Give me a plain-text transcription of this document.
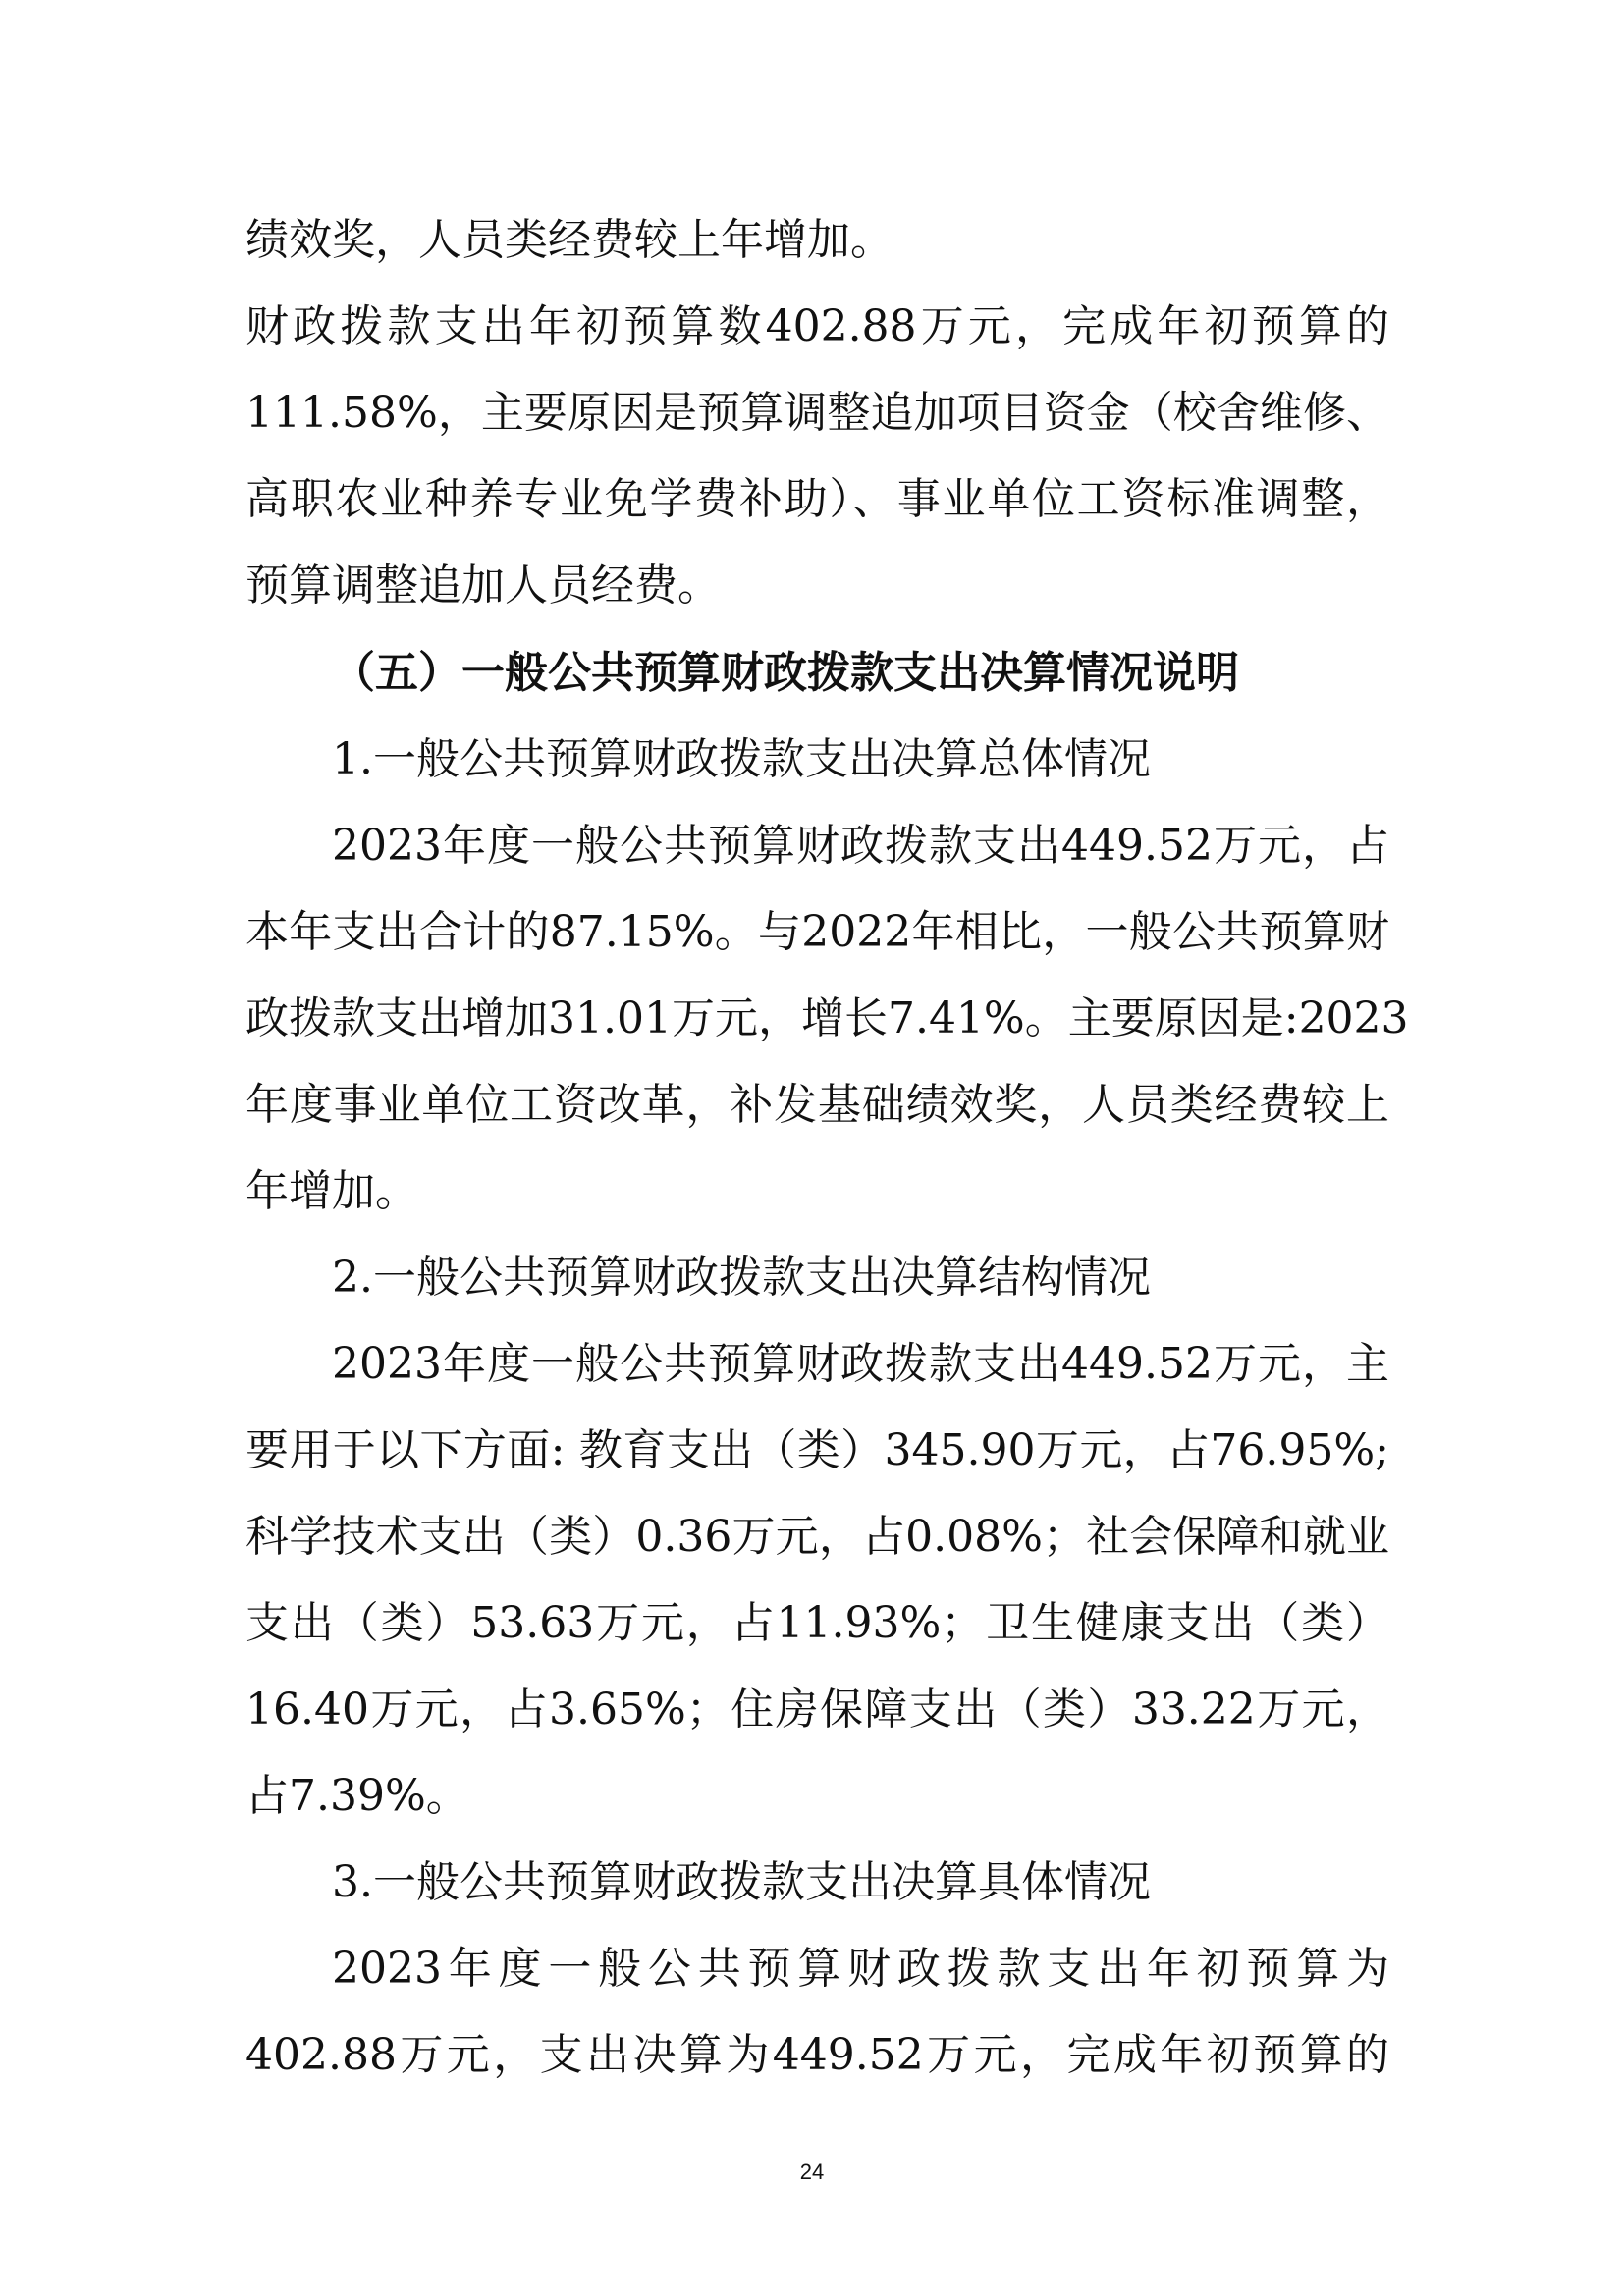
绩效奖，人员类经费较上年增加。
财政拨款支出年初预算数402.88万元，完成年初预算的
111.58%，主要原因是预算调整追加项目资金（校舍维修、
高职农业种养专业免学费补助）、事业单位工资标准调整，
预算调整追加人员经费。
（五）一般公共预算财政拨款支出决算情况说明
1.一般公共预算财政拨款支出决算总体情况
2023年度一般公共预算财政拨款支出449.52万元，占
本年支出合计的87.15%。与2022年相比，一般公共预算财
政拨款支出增加31.01万元，增长7.41%。主要原因是:2023
年度事业单位工资改革，补发基础绩效奖，人员类经费较上
年增加。
2.一般公共预算财政拨款支出决算结构情况
2023年度一般公共预算财政拨款支出449.52万元，主
要用于以下方面: 教育支出（类）345.90万元，占76.95%;
科学技术支出（类）0.36万元，占0.08%；社会保障和就业
支出（类）53.63万元，占11.93%；卫生健康支出（类）
16.40万元，占3.65%；住房保障支出（类）33.22万元，
占7.39%。
3.一般公共预算财政拨款支出决算具体情况
2023年度一般公共预算财政拨款支出年初预算为
402.88万元，支出决算为449.52万元，完成年初预算的
24
